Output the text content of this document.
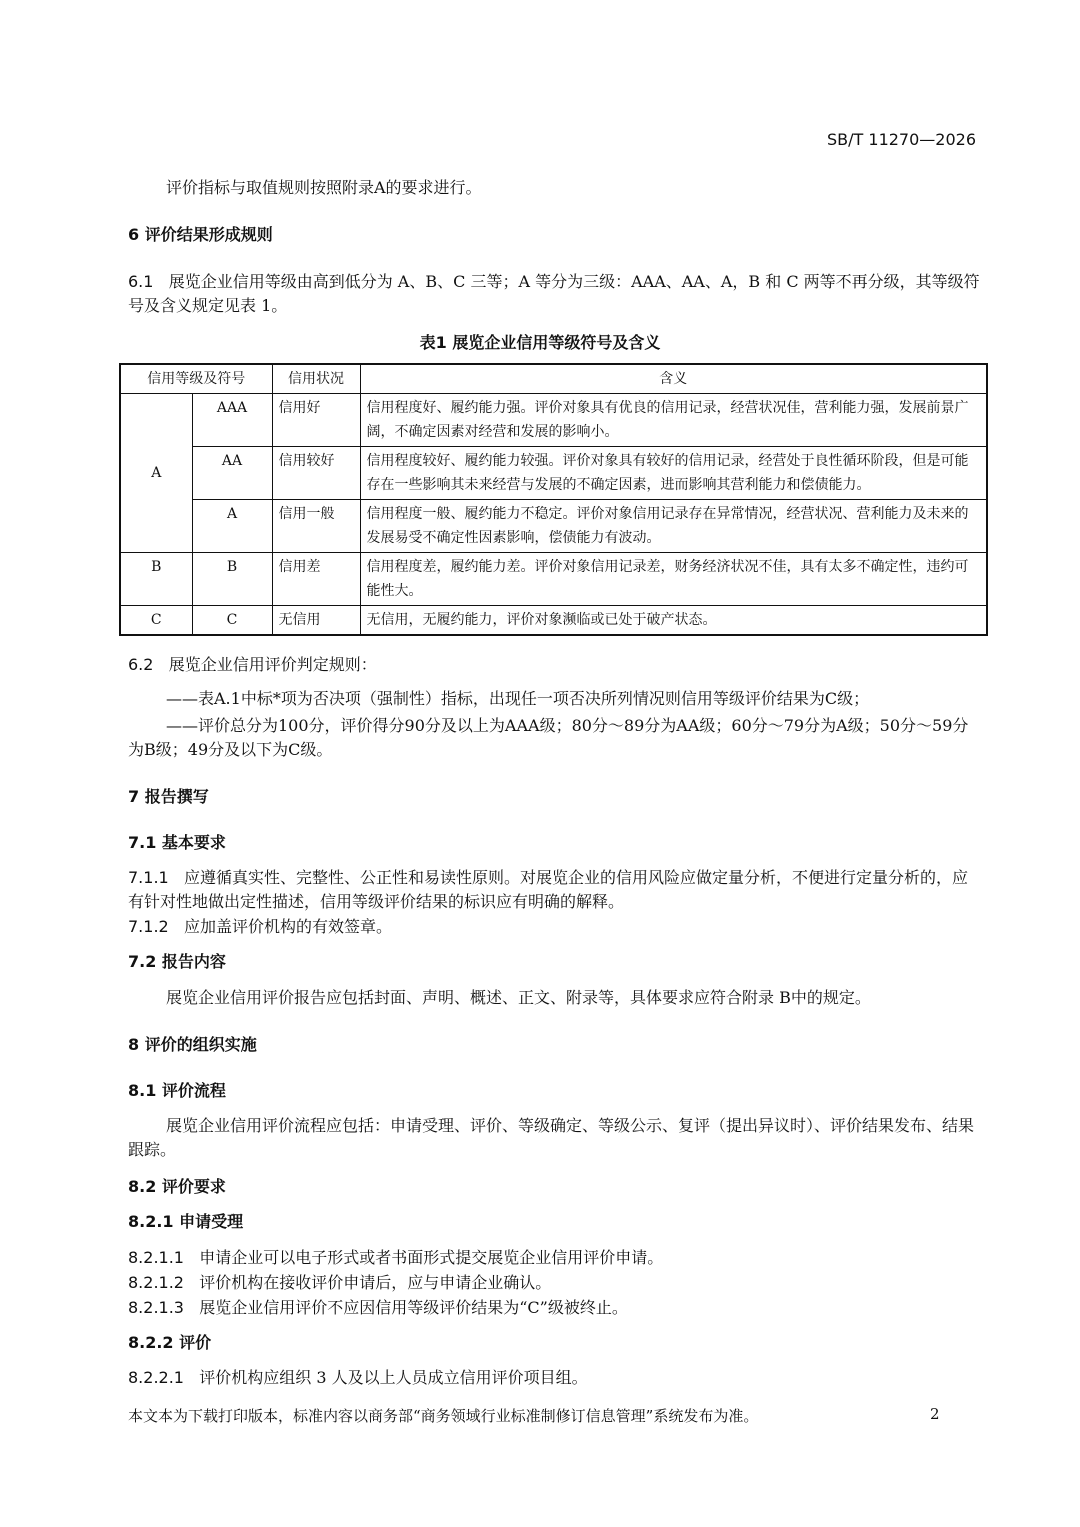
SB/T 11270—2026
评价指标与取值规则按照附录A的要求进行。
6 评价结果形成规则
6.1 展览企业信用等级由高到低分为 A、B、C 三等；A 等分为三级：AAA、AA、A，B 和 C 两等不再分级，其等级符号及含义规定见表 1。
表1 展览企业信用等级符号及含义
信用等级及符号		信用状况	含义
A	AAA	信用好	信用程度好、履约能力强。评价对象具有优良的信用记录，经营状况佳，营利能力强，发展前景广阔，不确定因素对经营和发展的影响小。
	AA	信用较好	信用程度较好、履约能力较强。评价对象具有较好的信用记录，经营处于良性循环阶段，但是可能存在一些影响其未来经营与发展的不确定因素，进而影响其营利能力和偿债能力。
	A	信用一般	信用程度一般、履约能力不稳定。评价对象信用记录存在异常情况，经营状况、营利能力及未来的发展易受不确定性因素影响，偿债能力有波动。
B	B	信用差	信用程度差，履约能力差。评价对象信用记录差，财务经济状况不佳，具有太多不确定性，违约可能性大。
C	C	无信用	无信用，无履约能力，评价对象濒临或已处于破产状态。
6.2 展览企业信用评价判定规则：
——表A.1中标*项为否决项（强制性）指标，出现任一项否决所列情况则信用等级评价结果为C级；
——评价总分为100分，评价得分90分及以上为AAA级；80分～89分为AA级；60分～79分为A级；50分～59分为B级；49分及以下为C级。
7 报告撰写
7.1 基本要求
7.1.1 应遵循真实性、完整性、公正性和易读性原则。对展览企业的信用风险应做定量分析，不便进行定量分析的，应有针对性地做出定性描述，信用等级评价结果的标识应有明确的解释。
7.1.2 应加盖评价机构的有效签章。
7.2 报告内容
展览企业信用评价报告应包括封面、声明、概述、正文、附录等，具体要求应符合附录 B中的规定。
8 评价的组织实施
8.1 评价流程
展览企业信用评价流程应包括：申请受理、评价、等级确定、等级公示、复评（提出异议时）、评价结果发布、结果跟踪。
8.2 评价要求
8.2.1 申请受理
8.2.1.1 申请企业可以电子形式或者书面形式提交展览企业信用评价申请。
8.2.1.2 评价机构在接收评价申请后，应与申请企业确认。
8.2.1.3 展览企业信用评价不应因信用等级评价结果为“C”级被终止。
8.2.2 评价
8.2.2.1 评价机构应组织 3 人及以上人员成立信用评价项目组。
本文本为下载打印版本，标准内容以商务部“商务领域行业标准制修订信息管理”系统发布为准。	2
